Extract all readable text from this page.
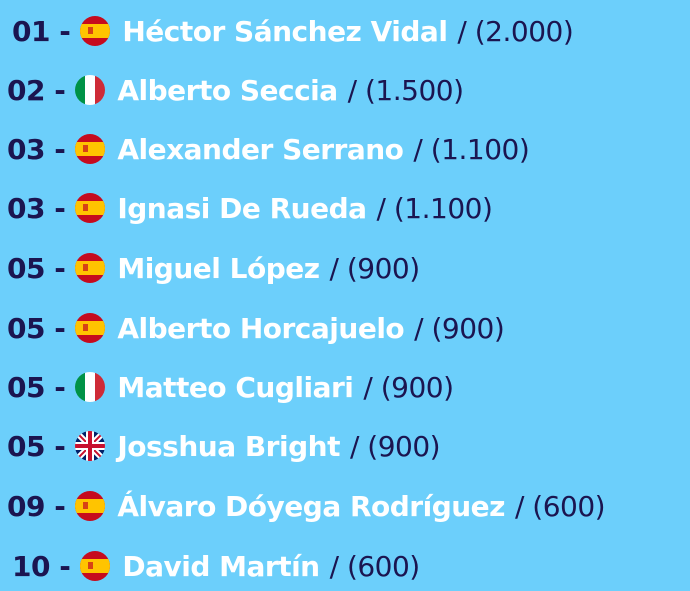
01 - Héctor Sánchez Vidal / (2.000)
02 - Alberto Seccia / (1.500)
03 - Alexander Serrano / (1.100)
03 - Ignasi De Rueda / (1.100)
05 - Miguel López / (900)
05 - Alberto Horcajuelo / (900)
05 - Matteo Cugliari / (900)
05 - Josshua Bright / (900)
09 - Álvaro Dóyega Rodríguez / (600)
10 - David Martín / (600)
